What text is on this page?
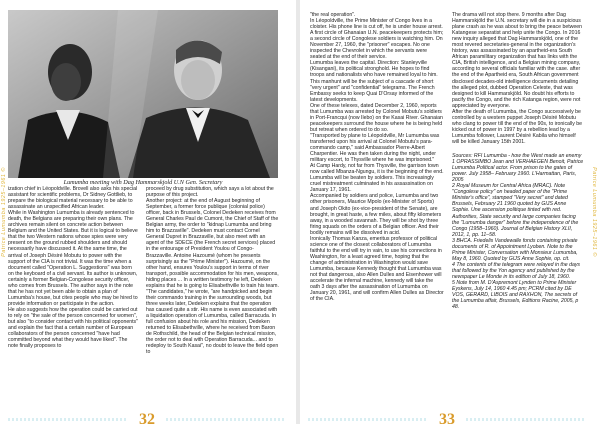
Patrice Lumumba 1925–1961 ©	Lumumba meeting with Dag Hammarskjold U.N Gen. Secretary

ization chief in Léopoldville. Brovell also asks his special assistant for scientific problems, Dr Sidney Gottlieb, to prepare the biological material necessary to be able to assassinate an unspecified African leader.

While in Washington Lumumba is already sentenced to death, the Belgians are preparing their own plans. The archives remain silent on concrete action between Belgium and the United States. But it is logical to believe that the two Western nations whose spies were very present on the ground rubbed shoulders and should necessarily have discussed it. At the same time, the arrival of Joseph Désiré Mobutu to power with the support of the CIA is not trivial. It was the time when a document called "Operation L. Suggestions" was born on the keyboard of a civil servant. Its author is unknown, certainly a former Belgian-Congolese security officer, who comes from Brussels. The author says in the note that he has not yet been able to obtain a plan of Lumumba's house, but cites people who may be hired to provide information or participate in the action.

He also suggests how the operation could be carried out to rely on "the sale of the person concerned for women", but also "to consider contact with his political opponents" and explain the fact that a certain number of European collaborators of the person concerned "have had committed beyond what they would have liked". The note finally proposes to

proceed by drug substitution, which says a lot about the purpose of this project.

Another project: at the end of August beginning of September, a former force publique (colonial police) officer, back in Brussels, Colonel Dedeken receives from General Charles Paul de Cumont, the Chief of Staff of the Belgian army, the order to "kidnap Lumumba and bring him to Brazzaville". Dedeken must contact Cornel General Dupret in Brazzaville, but also meet with an agent of the SDECE (the French secret services) placed in the entourage of President Youlou of Congo-Brazzaville. Antoine Hazoumé (whom he presents surprisingly as the "Prime Minister"). Hazoumé, on the other hand, ensures Youlou's support in terms of river transport, possible accommodation for his men, weapons, hiding places ... In a written testimony he left, Dedeken explains that he is going to Elisabethville to train his team. "The candidates," he wrote, "are handpicked and begin their commando training in the surrounding woods, but three weeks later, Dedeken explains that the operation has caused quite a stir. His name is even associated with a liquidation operation of Lumumba, called Barracuda. In full confusion about his role and his mission, Dedeken returned to Elisabethville, where he received from Baron de Rothschild, the head of the Belgian technical mission, the order not to deal with Operation Barracuda... and to redeploy to South Kasai", no doubt to leave the field open to

32

"the real operation".

In Léopoldville, the Prime Minister of Congo lives in a cloister. His phone line is cut off, he is under house arrest. A first circle of Ghanaian U.N. peacekeepers protects him; a second circle of Congolese soldiers is watching him. On November 27, 1960, the "prisoner" escapes. No one inspected the Chevrolet in which the servants were seated at the end of their service.

Lumumba leaves the capital. Direction: Stanleyville (Kisangani), its political stronghold. He hopes to find troops and nationalists who have remained loyal to him.

This manhunt will be the subject of a cascade of short "very urgent" and "confidential" telegrams. The French Embassy seeks to keep Quai D'Orsay informed of the latest developments.

One of these telexes, dated December 2, 1960, reports that Lumumba was arrested by Colonel Mobutu's soldiers in Port-Francqui (now Ilebo) on the Kasai River. Ghanaian peacekeepers surround the house where he is being held but retreat when ordered to do so.

"Transported by plane to Léopoldville, Mr Lumumba was transferred upon his arrival at Colonel Mobutu's para-commando camp," said Ambassador Pierre-Albert Charpentier. He was then taken during the night, under military escort, to Thysville where he was imprisoned."

At Camp Hardy, not far from Thysville, the garrison town now called Mbanza-Ngungu, it is the beginning of the end. Lumumba will be beaten by soldiers. This increasingly cruel mistreatment culminated in his assassination on January 17, 1961.

Accompanied by soldiers and police, Lumumba and two other prisoners, Maurice Mpolo (ex-Minister of Sports) and Joseph Okito (ex-vice-president of the Senate), are brought, in great haste, a few miles, about fifty kilometers away, in a wooded savannah. They will be shot by three firing squads on the orders of a Belgian officer. And their bodily remains will be dissolved in acid.

Ironically Thomas Kanza, emeritus professor of political science one of the closest collaborators of Lumumba faithful to the end will try in vain, to use his connections in Washington, for a least agreed time, hoping that the change of administration in Washington would save Lumumba, because Kennedy thought that Lumumba was not that dangerous, also Allen Dulles and Eisenhower will accelerate the infernal machine, kennedy will take the oath 3 days after the assassination of Lumumba on January 20, 1961, and will confirm Allen Dulles as Director of the CIA.

The drama will not stop there. 9 months after Dag Hammarskjöld the U.N. secretary will die in a suspicious plane crash as he was about to bring the peace between Katangese separatist and help unite the Congo. In 2016 new inquiry alleged that Dag Hammarskjöld, one of the most revered secretaries-general in the organization's history, was assassinated by an apartheid-era South African paramilitary organization that has links with the CIA, British intelligence, and a Belgian mining company, according to several officials familiar with the case. after the end of the Apartheid era, South African government disclosed decades-old intelligence documents detailing the alleged plot, dubbed Operation Celeste, that was designed to kill Hammarskjöld. No doubt his efforts to pacify the Congo, and the rich Katanga region, were not appreciated by everyone.

After the death of Lumumba, the Congo successively be controlled by a western puppet Joseph Désiré Mobutu who clang to power till the end of the 90s, to ironically be kicked out of power in 1997 by a rebellion lead by a Lumumba follower, Laurent Désiré Kabila who himself will be killed January 15th 2001.

Sources: RFI Lumumba - how the West made an enemy 1 OPRASSIMBO Jean and VERHAEGEN Benoit, Patrice Lumumba Political actor. From prison to the gates of power. July 1958– February 1960. L'Harmattan, Paris, 2005

2 Royal Museum for Central Africa (MRAC). Note "Congolese policy" on headed paper of the "Prime Minister's office", stamped "Very secret" and dated Brussels, February 21 1960 quoted by GIJS Anne Sophie. Une ascension politique tinted with red. Authorities, State security and large companies facing the "Lumumba danger" before the independence of the Congo (1958–1960). Journal of Belgian History XLII, 2012, 1, pp. 11–58.

3 BHCA. Friedelis Vandewalle fonds containing private documents of R. of Appointment Lyoben. Note to the Prime Minister, Conversation with Monsieur Lumumba, May 8, 1960. Quoted by GIJS Anne Sophie, op. cit.

4 The contents of the telegram were relayed in the days that followed by the Yon agency and published by the newspaper Le Monde in its edition of July 18, 1960.

5 Note from M. D'Aspremont Lynden to Prime Minister Eyskens, July 14, 1960 4.45 pm; PCRM cited by DE VOS, GERARD, LIBOIS and RAXHON, The secrets of the Lumumba affair, Brussels, Editions Racine, 2005, p 48.

Patrice Lumumba 1925–1961 ©
33
